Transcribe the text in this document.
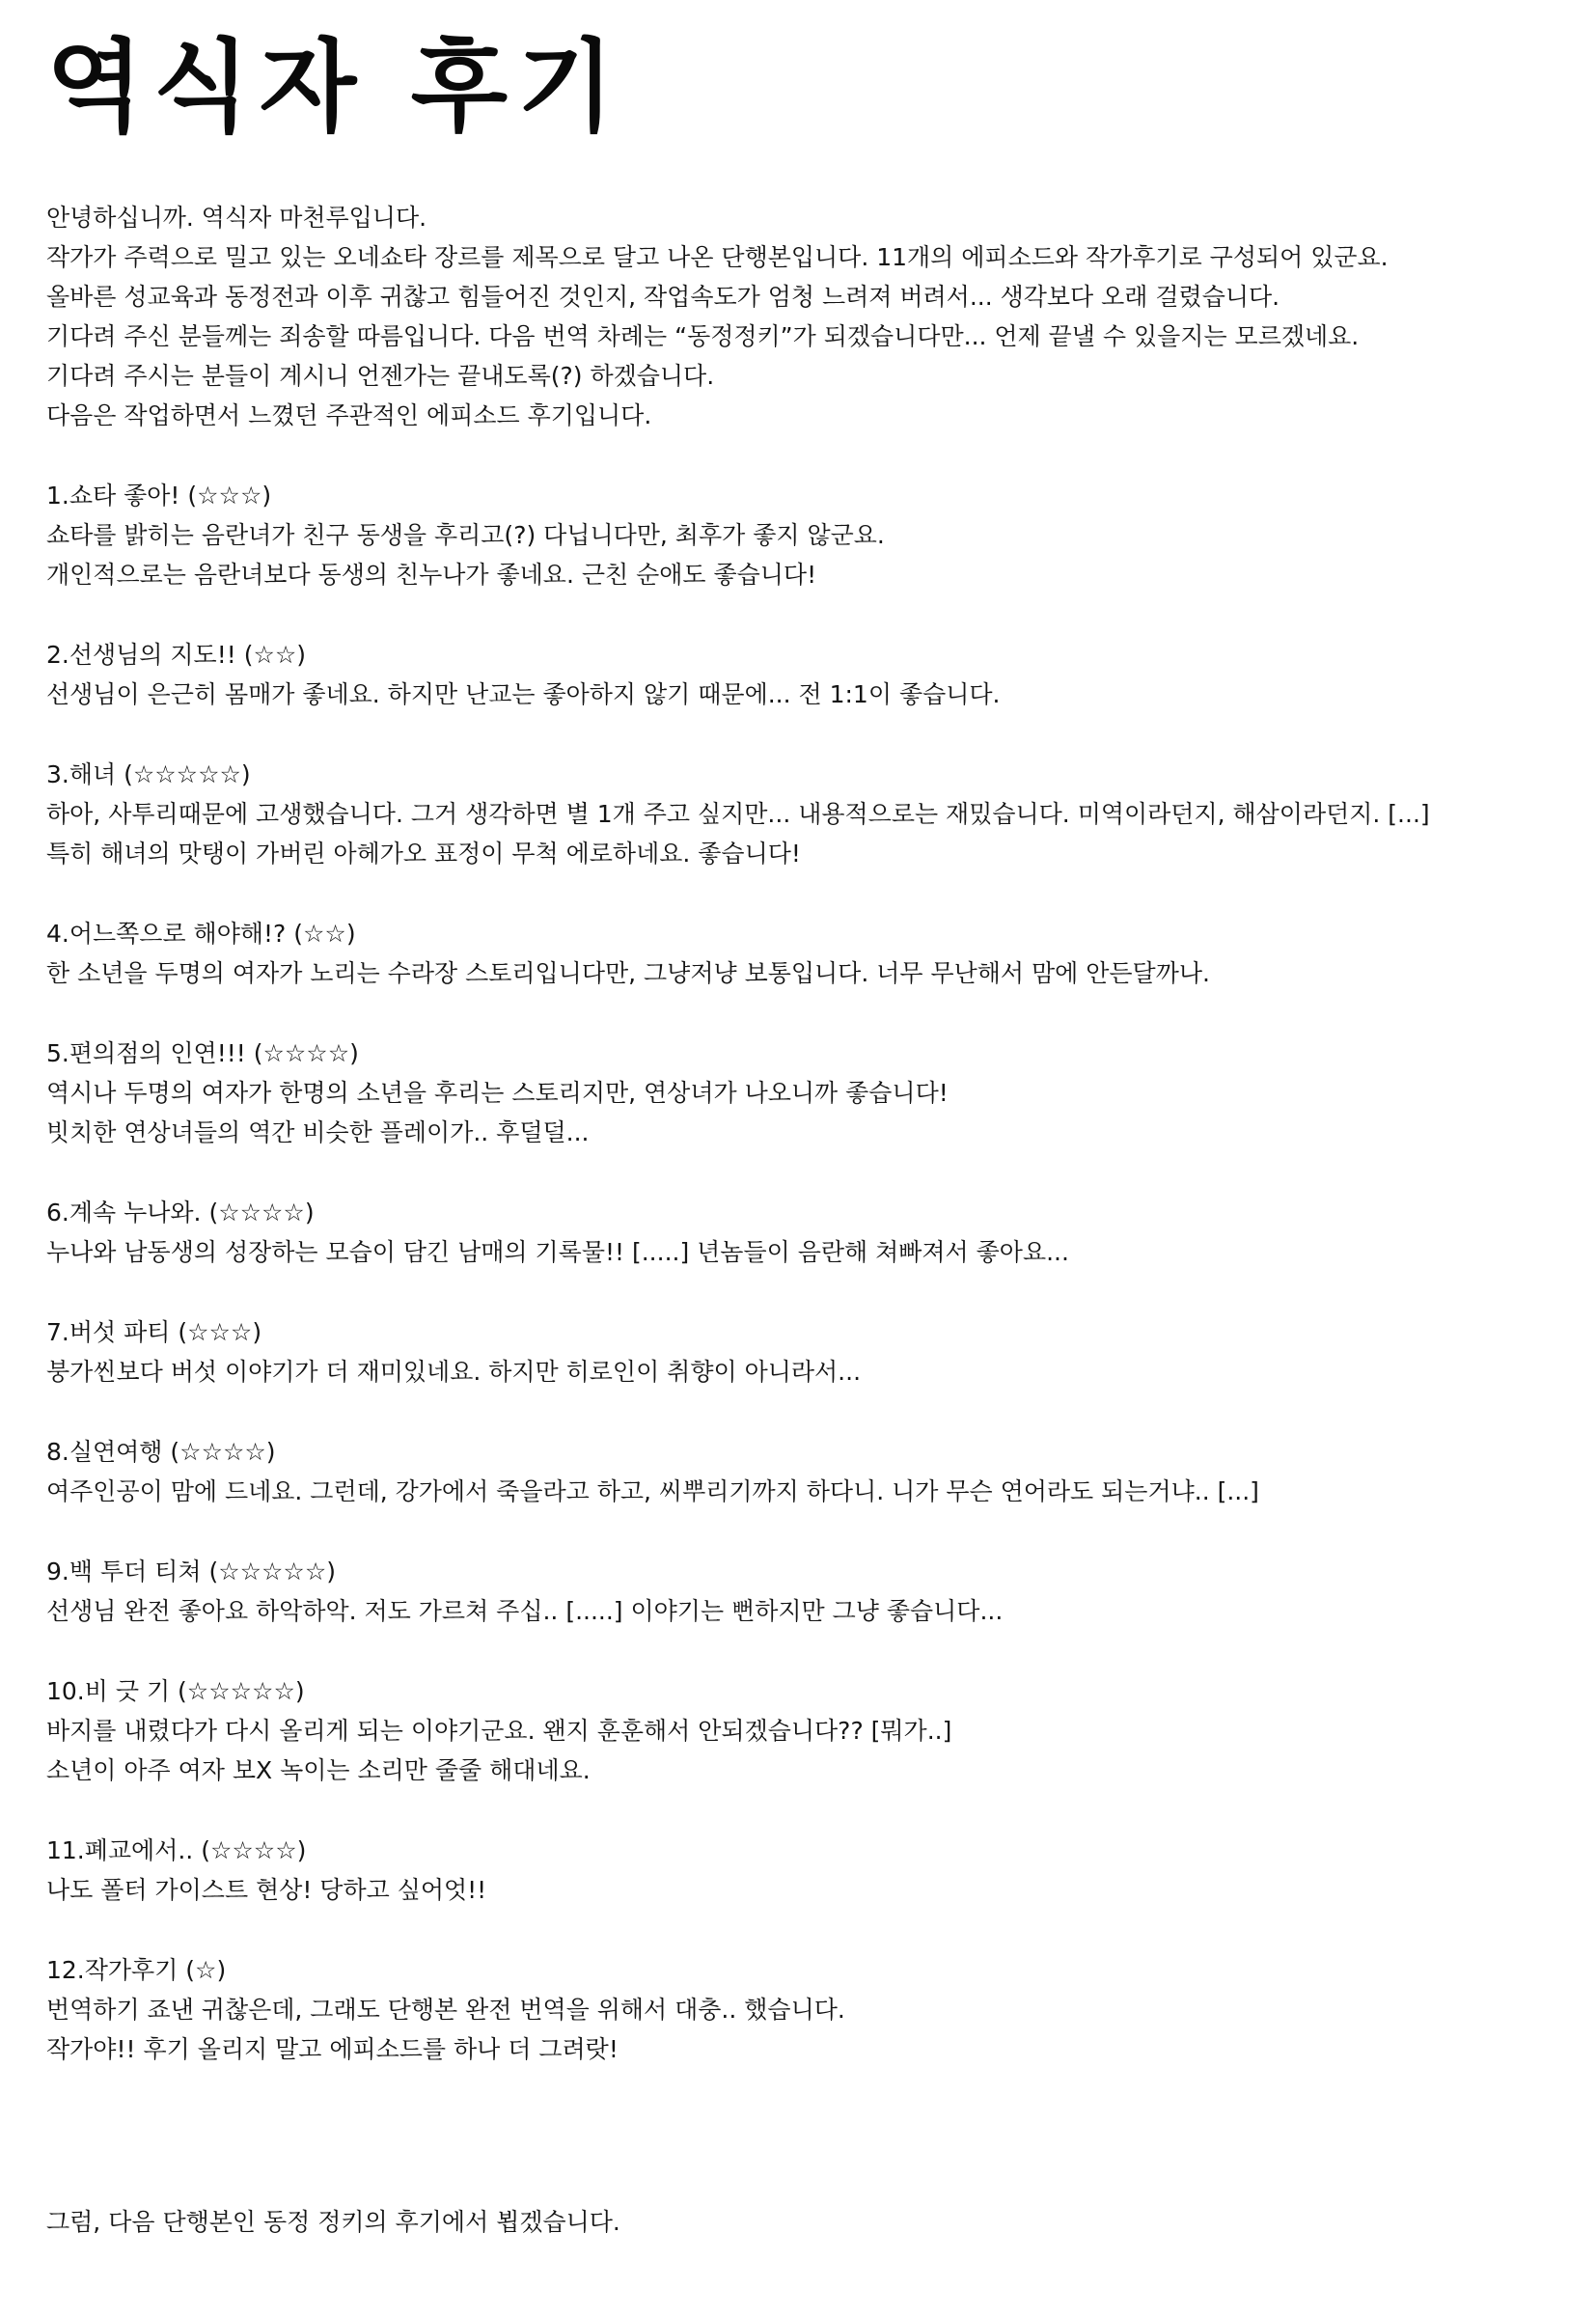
역식자 후기
안녕하십니까. 역식자 마천루입니다.
작가가 주력으로 밀고 있는 오네쇼타 장르를 제목으로 달고 나온 단행본입니다. 11개의 에피소드와 작가후기로 구성되어 있군요.
올바른 성교육과 동정전과 이후 귀찮고 힘들어진 것인지, 작업속도가 엄청 느려져 버려서... 생각보다 오래 걸렸습니다.
기다려 주신 분들께는 죄송할 따름입니다. 다음 번역 차례는 “동정정키”가 되겠습니다만... 언제 끝낼 수 있을지는 모르겠네요.
기다려 주시는 분들이 계시니 언젠가는 끝내도록(?) 하겠습니다.
다음은 작업하면서 느꼈던 주관적인 에피소드 후기입니다.
1.쇼타 좋아! (☆☆☆)
쇼타를 밝히는 음란녀가 친구 동생을 후리고(?) 다닙니다만, 최후가 좋지 않군요.
개인적으로는 음란녀보다 동생의 친누나가 좋네요. 근친 순애도 좋습니다!
2.선생님의 지도!! (☆☆)
선생님이 은근히 몸매가 좋네요. 하지만 난교는 좋아하지 않기 때문에... 전 1:1이 좋습니다.
3.해녀 (☆☆☆☆☆)
하아, 사투리때문에 고생했습니다. 그거 생각하면 별 1개 주고 싶지만... 내용적으로는 재밌습니다. 미역이라던지, 해삼이라던지. [...]
특히 해녀의 맛탱이 가버린 아헤가오 표정이 무척 에로하네요. 좋습니다!
4.어느쪽으로 해야해!? (☆☆)
한 소년을 두명의 여자가 노리는 수라장 스토리입니다만, 그냥저냥 보통입니다. 너무 무난해서 맘에 안든달까나.
5.편의점의 인연!!! (☆☆☆☆)
역시나 두명의 여자가 한명의 소년을 후리는 스토리지만, 연상녀가 나오니까 좋습니다!
빗치한 연상녀들의 역간 비슷한 플레이가.. 후덜덜...
6.계속 누나와. (☆☆☆☆)
누나와 남동생의 성장하는 모습이 담긴 남매의 기록물!! [.....] 년놈들이 음란해 쳐빠져서 좋아요...
7.버섯 파티 (☆☆☆)
붕가씬보다 버섯 이야기가 더 재미있네요. 하지만 히로인이 취향이 아니라서...
8.실연여행 (☆☆☆☆)
여주인공이 맘에 드네요. 그런데, 강가에서 죽을라고 하고, 씨뿌리기까지 하다니. 니가 무슨 연어라도 되는거냐.. [...]
9.백 투더 티쳐 (☆☆☆☆☆)
선생님 완전 좋아요 하악하악. 저도 가르쳐 주십.. [.....] 이야기는 뻔하지만 그냥 좋습니다...
10.비 긋 기 (☆☆☆☆☆)
바지를 내렸다가 다시 올리게 되는 이야기군요. 왠지 훈훈해서 안되겠습니다?? [뭐가..]
소년이 아주 여자 보X 녹이는 소리만 줄줄 해대네요.
11.폐교에서.. (☆☆☆☆)
나도 폴터 가이스트 현상! 당하고 싶어엇!!
12.작가후기 (☆)
번역하기 죠낸 귀찮은데, 그래도 단행본 완전 번역을 위해서 대충.. 했습니다.
작가야!! 후기 올리지 말고 에피소드를 하나 더 그려랏!
그럼, 다음 단행본인 동정 정키의 후기에서 뵙겠습니다.
